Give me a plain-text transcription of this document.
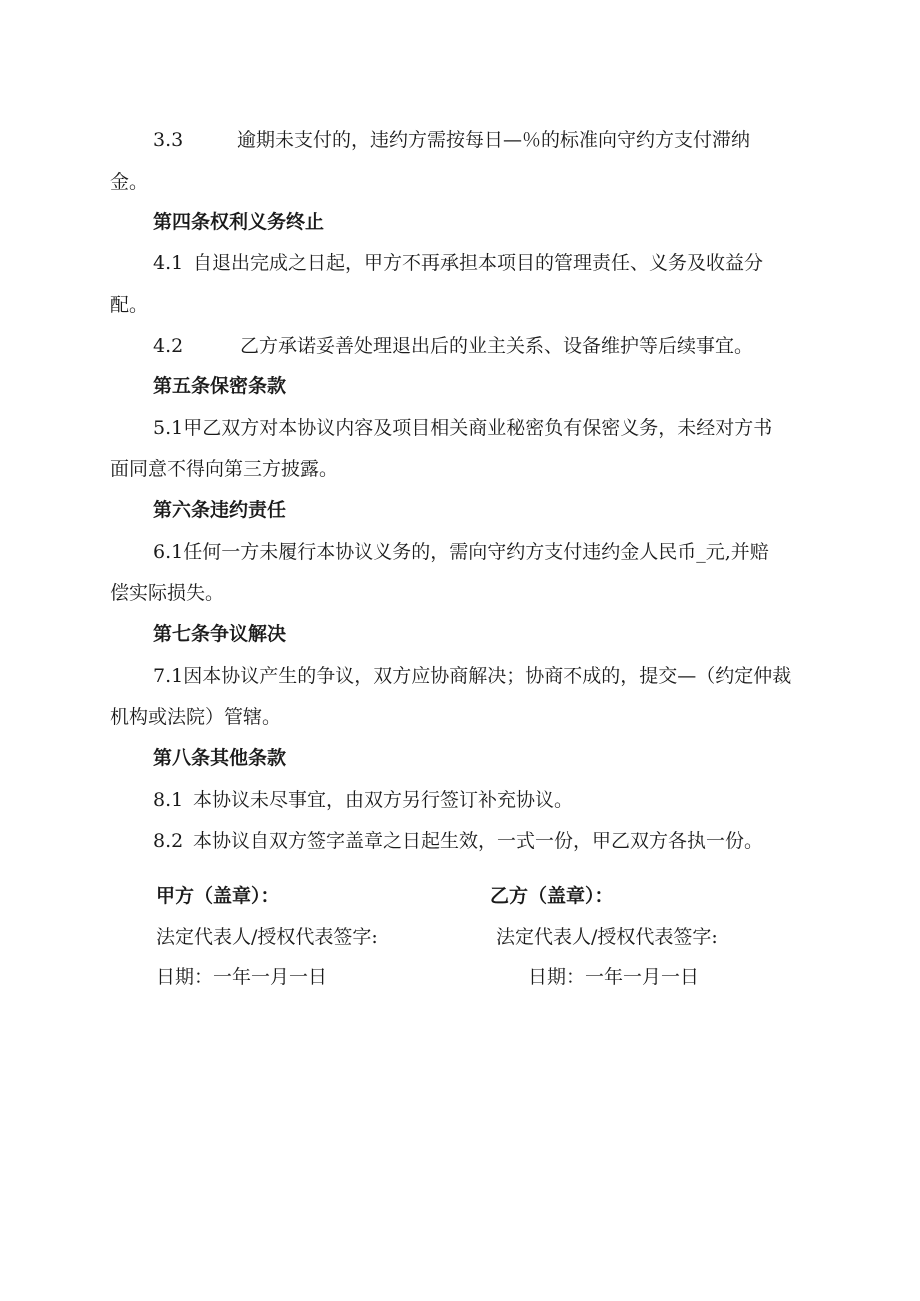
3.3	逾期未支付的，违约方需按每日—％的标准向守约方支付滞纳
金。
第四条权利义务终止
4.1 自退出完成之日起，甲方不再承担本项目的管理责任、义务及收益分
配。
4.2	乙方承诺妥善处理退出后的业主关系、设备维护等后续事宜。
第五条保密条款
5.1甲乙双方对本协议内容及项目相关商业秘密负有保密义务，未经对方书
面同意不得向第三方披露。
第六条违约责任
6.1任何一方未履行本协议义务的，需向守约方支付违约金人民币_元,并赔
偿实际损失。
第七条争议解决
7.1因本协议产生的争议，双方应协商解决；协商不成的，提交—（约定仲裁
机构或法院）管辖。
第八条其他条款
8.1 本协议未尽事宜，由双方另行签订补充协议。
8.2 本协议自双方签字盖章之日起生效，一式一份，甲乙双方各执一份。
甲方（盖章）：
法定代表人/授权代表签字:
日期：一年一月一日
乙方（盖章）：
法定代表人/授权代表签字:
日期：一年一月一日
